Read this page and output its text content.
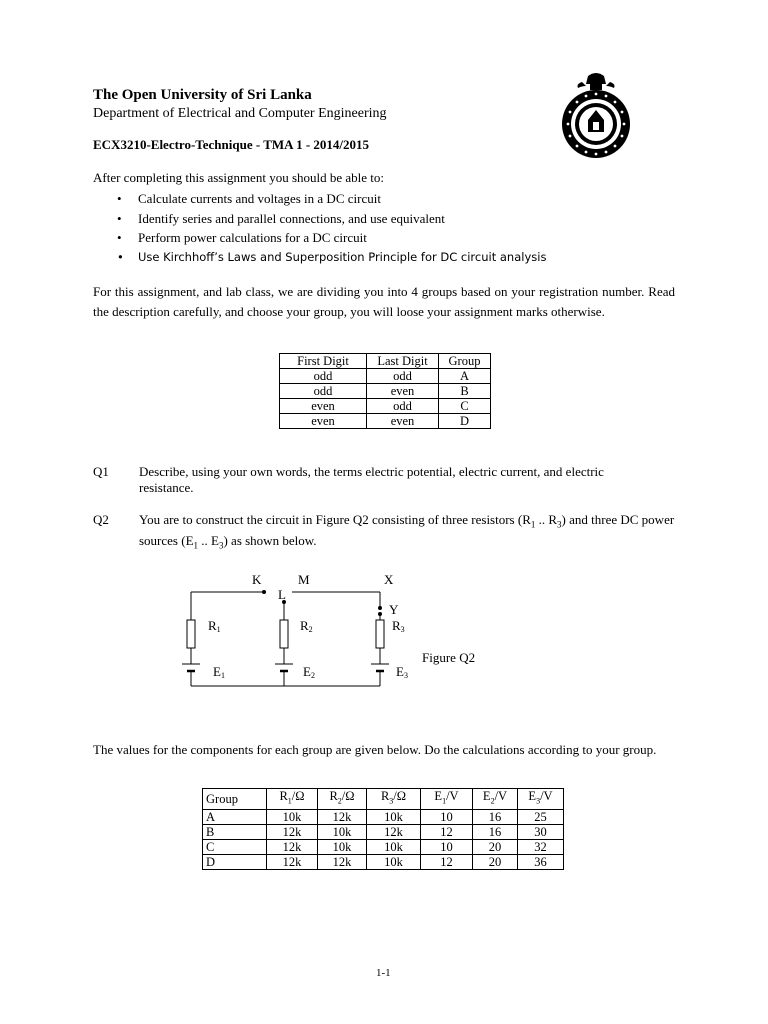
The Open University of Sri Lanka
Department of Electrical and Computer Engineering
ECX3210-Electro-Technique - TMA 1 - 2014/2015
After completing this assignment you should be able to:
• Calculate currents and voltages in a DC circuit
• Identify series and parallel connections, and use equivalent
• Perform power calculations for a DC circuit
• Use Kirchhoff’s Laws and Superposition Principle for DC circuit analysis
For this assignment, and lab class, we are dividing you into 4 groups based on your registration number. Read the description carefully, and choose your group, you will loose your assignment marks otherwise.
First Digit	Last Digit	Group
odd	odd	A
odd	even	B
even	odd	C
even	even	D
Q1 Describe, using your own words, the terms electric potential, electric current, and electric resistance.
Q2 You are to construct the circuit in Figure Q2 consisting of three resistors ($R_1$ .. $R_3$) and three DC power sources ($E_1$ .. $E_3$) as shown below.
K	M	X
L
Y
R1	R2	R3
E1	E2	E3
Figure Q2
The values for the components for each group are given below. Do the calculations according to your group.
Group	$R_1/\Omega$	$R_2/\Omega$	$R_3/\Omega$	$E_1/V$	$E_2/V$	$E_3/V$
A	10k	12k	10k	10	16	25
B	12k	10k	12k	12	16	30
C	12k	10k	10k	10	20	32
D	12k	12k	10k	12	20	36
1-1
